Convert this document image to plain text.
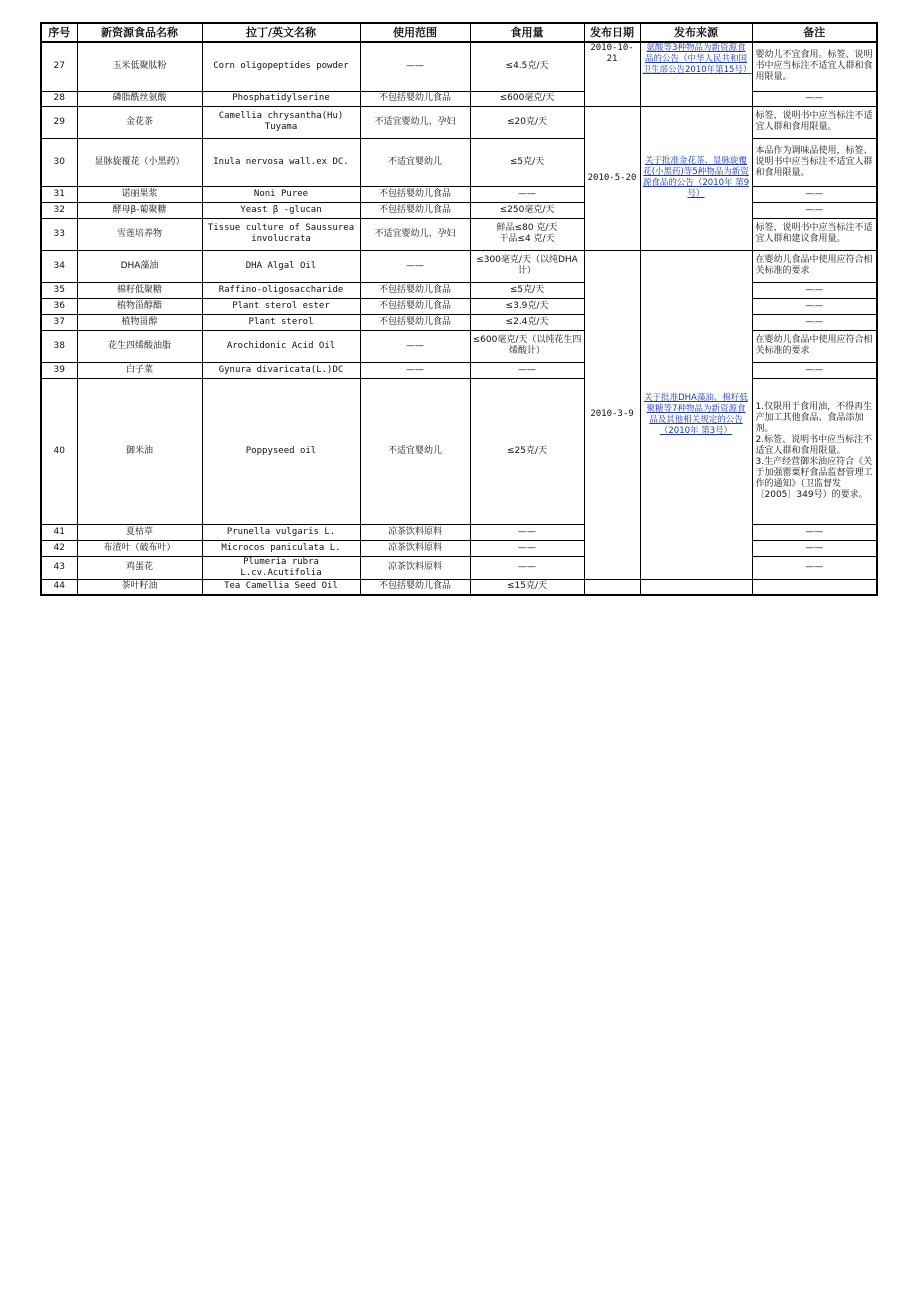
序号	新资源食品名称	拉丁/英文名称	使用范围	食用量	发布日期	发布来源	备注
27	玉米低聚肽粉	Corn oligopeptides powder	——	≤4.5克/天	2010-10-21	氨酸等3种物品为新资源食品的公告（中华人民共和国卫生部公告2010年第15号）	婴幼儿不宜食用。标签、说明书中应当标注不适宜人群和食用限量。
28	磷脂酰丝氨酸	Phosphatidylserine	不包括婴幼儿食品	≤600毫克/天			——
29	金花茶	Camellia chrysantha(Hu) Tuyama	不适宜婴幼儿、孕妇	≤20克/天	2010-5-20	关于批准金花茶、显脉旋覆花(小黑药)等5种物品为新资源食品的公告（2010年 第9号）	标签、说明书中应当标注不适宜人群和食用限量。
30	显脉旋覆花（小黑药）	Inula nervosa wall.ex DC.	不适宜婴幼儿	≤5克/天			本品作为调味品使用，标签、说明书中应当标注不适宜人群和食用限量。
31	诺丽果浆	Noni Puree	不包括婴幼儿食品	——			——
32	酵母β-葡聚糖	Yeast β -glucan	不包括婴幼儿食品	≤250毫克/天			——
33	雪莲培养物	Tissue culture of Saussurea involucrata	不适宜婴幼儿、孕妇	鲜品≤80 克/天
干品≤4 克/天			标签、说明书中应当标注不适宜人群和建议食用量。
34	DHA藻油	DHA Algal Oil	——	≤300毫克/天（以纯DHA计）	2010-3-9	关于批准DHA藻油、棉籽低聚糖等7种物品为新资源食品及其他相关规定的公告（2010年 第3号）	在婴幼儿食品中使用应符合相关标准的要求
35	棉籽低聚糖	Raffino-oligosaccharide	不包括婴幼儿食品	≤5克/天			——
36	植物甾醇酯	Plant sterol ester	不包括婴幼儿食品	≤3.9克/天			——
37	植物甾醇	Plant sterol	不包括婴幼儿食品	≤2.4克/天			——
38	花生四烯酸油脂	Arochidonic Acid Oil	——	≤600毫克/天（以纯花生四烯酸计）			在婴幼儿食品中使用应符合相关标准的要求
39	白子菜	Gynura divaricata(L.)DC	——	——			——
40	御米油	Poppyseed oil	不适宜婴幼儿	≤25克/天			1.仅限用于食用油，不得再生产加工其他食品、食品添加剂。
2.标签、说明书中应当标注不适宜人群和食用限量。
3.生产经营御米油应符合《关于加强罂粟籽食品监督管理工作的通知》（卫监督发〔2005〕349号）的要求。

41	夏枯草	Prunella vulgaris L.	凉茶饮料原料	——			——
42	布渣叶（破布叶）	Microcos paniculata L.	凉茶饮料原料	——			——
43	鸡蛋花	Plumeria rubra L.cv.Acutifolia	凉茶饮料原料	——			——
44	茶叶籽油	Tea Camellia Seed Oil	不包括婴幼儿食品	≤15克/天			
